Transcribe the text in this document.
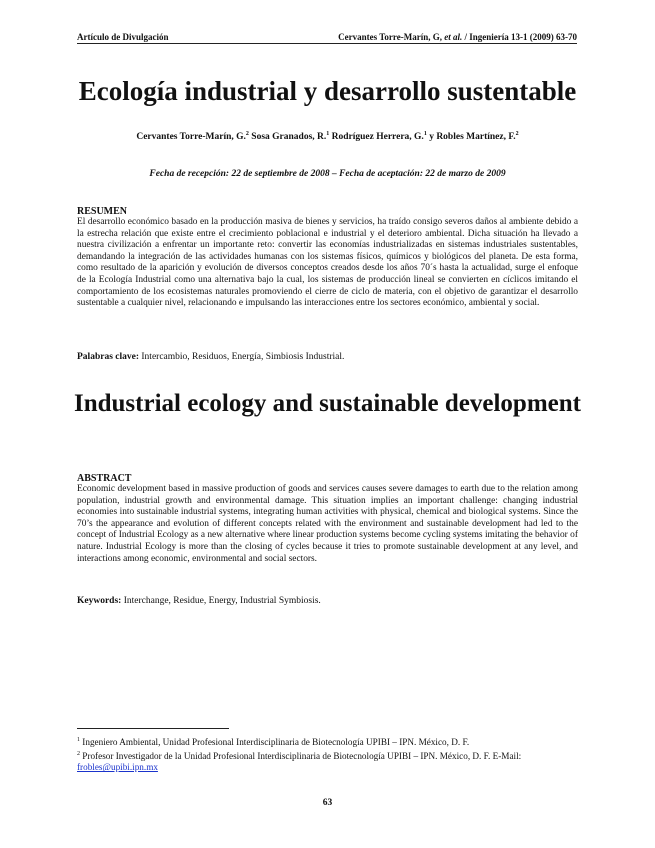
Artículo de Divulgación	Cervantes Torre-Marín, G, et al. / Ingeniería 13-1 (2009) 63-70
Ecología industrial y desarrollo sustentable
Cervantes Torre-Marín, G.$^2$ Sosa Granados, R.$^1$ Rodríguez Herrera, G.$^1$ y Robles Martínez, F.$^2$
Fecha de recepción: 22 de septiembre de 2008 – Fecha de aceptación: 22 de marzo de 2009
RESUMEN
El desarrollo económico basado en la producción masiva de bienes y servicios, ha traído consigo severos daños al ambiente debido a la estrecha relación que existe entre el crecimiento poblacional e industrial y el deterioro ambiental. Dicha situación ha llevado a nuestra civilización a enfrentar un importante reto: convertir las economías industrializadas en sistemas industriales sustentables, demandando la integración de las actividades humanas con los sistemas físicos, químicos y biológicos del planeta. De esta forma, como resultado de la aparición y evolución de diversos conceptos creados desde los años 70´s hasta la actualidad, surge el enfoque de la Ecología Industrial como una alternativa bajo la cual, los sistemas de producción lineal se convierten en cíclicos imitando el comportamiento de los ecosistemas naturales promoviendo el cierre de ciclo de materia, con el objetivo de garantizar el desarrollo sustentable a cualquier nivel, relacionando e impulsando las interacciones entre los sectores económico, ambiental y social.
Palabras clave: Intercambio, Residuos, Energía, Simbiosis Industrial.
Industrial ecology and sustainable development
ABSTRACT
Economic development based in massive production of goods and services causes severe damages to earth due to the relation among population, industrial growth and environmental damage. This situation implies an important challenge: changing industrial economies into sustainable industrial systems, integrating human activities with physical, chemical and biological systems. Since the 70’s the appearance and evolution of different concepts related with the environment and sustainable development had led to the concept of Industrial Ecology as a new alternative where linear production systems become cycling systems imitating the behavior of nature. Industrial Ecology is more than the closing of cycles because it tries to promote sustainable development at any level, and interactions among economic, environmental and social sectors.
Keywords: Interchange, Residue, Energy, Industrial Symbiosis.
$^1$ Ingeniero Ambiental, Unidad Profesional Interdisciplinaria de Biotecnología UPIBI – IPN. México, D. F.
$^2$ Profesor Investigador de la Unidad Profesional Interdisciplinaria de Biotecnología UPIBI – IPN. México, D. F. E-Mail: frobles@upibi.ipn.mx
63
